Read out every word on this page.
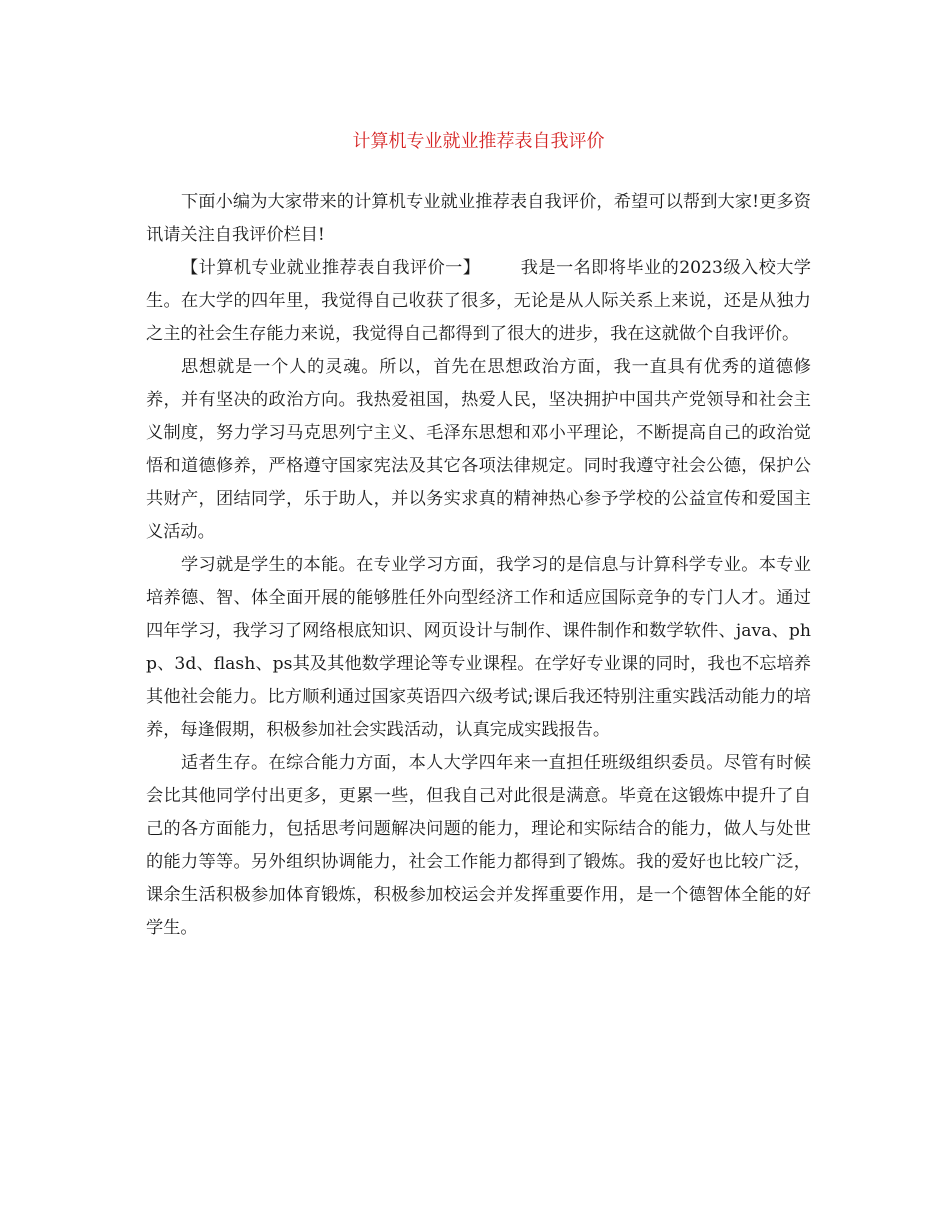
计算机专业就业推荐表自我评价

下面小编为大家带来的计算机专业就业推荐表自我评价，希望可以帮到大家!更多资讯请关注自我评价栏目!

【计算机专业就业推荐表自我评价一】 我是一名即将毕业的2023级入校大学生。在大学的四年里，我觉得自己收获了很多，无论是从人际关系上来说，还是从独力之主的社会生存能力来说，我觉得自己都得到了很大的进步，我在这就做个自我评价。

思想就是一个人的灵魂。所以，首先在思想政治方面，我一直具有优秀的道德修养，并有坚决的政治方向。我热爱祖国，热爱人民，坚决拥护中国共产党领导和社会主义制度，努力学习马克思列宁主义、毛泽东思想和邓小平理论，不断提高自己的政治觉悟和道德修养，严格遵守国家宪法及其它各项法律规定。同时我遵守社会公德，保护公共财产，团结同学，乐于助人，并以务实求真的精神热心参予学校的公益宣传和爱国主义活动。

学习就是学生的本能。在专业学习方面，我学习的是信息与计算科学专业。本专业培养德、智、体全面开展的能够胜任外向型经济工作和适应国际竞争的专门人才。通过四年学习，我学习了网络根底知识、网页设计与制作、课件制作和数学软件、java、php、3d、flash、ps其及其他数学理论等专业课程。在学好专业课的同时，我也不忘培养其他社会能力。比方顺利通过国家英语四六级考试;课后我还特别注重实践活动能力的培养，每逢假期，积极参加社会实践活动，认真完成实践报告。

适者生存。在综合能力方面，本人大学四年来一直担任班级组织委员。尽管有时候会比其他同学付出更多，更累一些，但我自己对此很是满意。毕竟在这锻炼中提升了自己的各方面能力，包括思考问题解决问题的能力，理论和实际结合的能力，做人与处世的能力等等。另外组织协调能力，社会工作能力都得到了锻炼。我的爱好也比较广泛，课余生活积极参加体育锻炼，积极参加校运会并发挥重要作用，是一个德智体全能的好学生。
